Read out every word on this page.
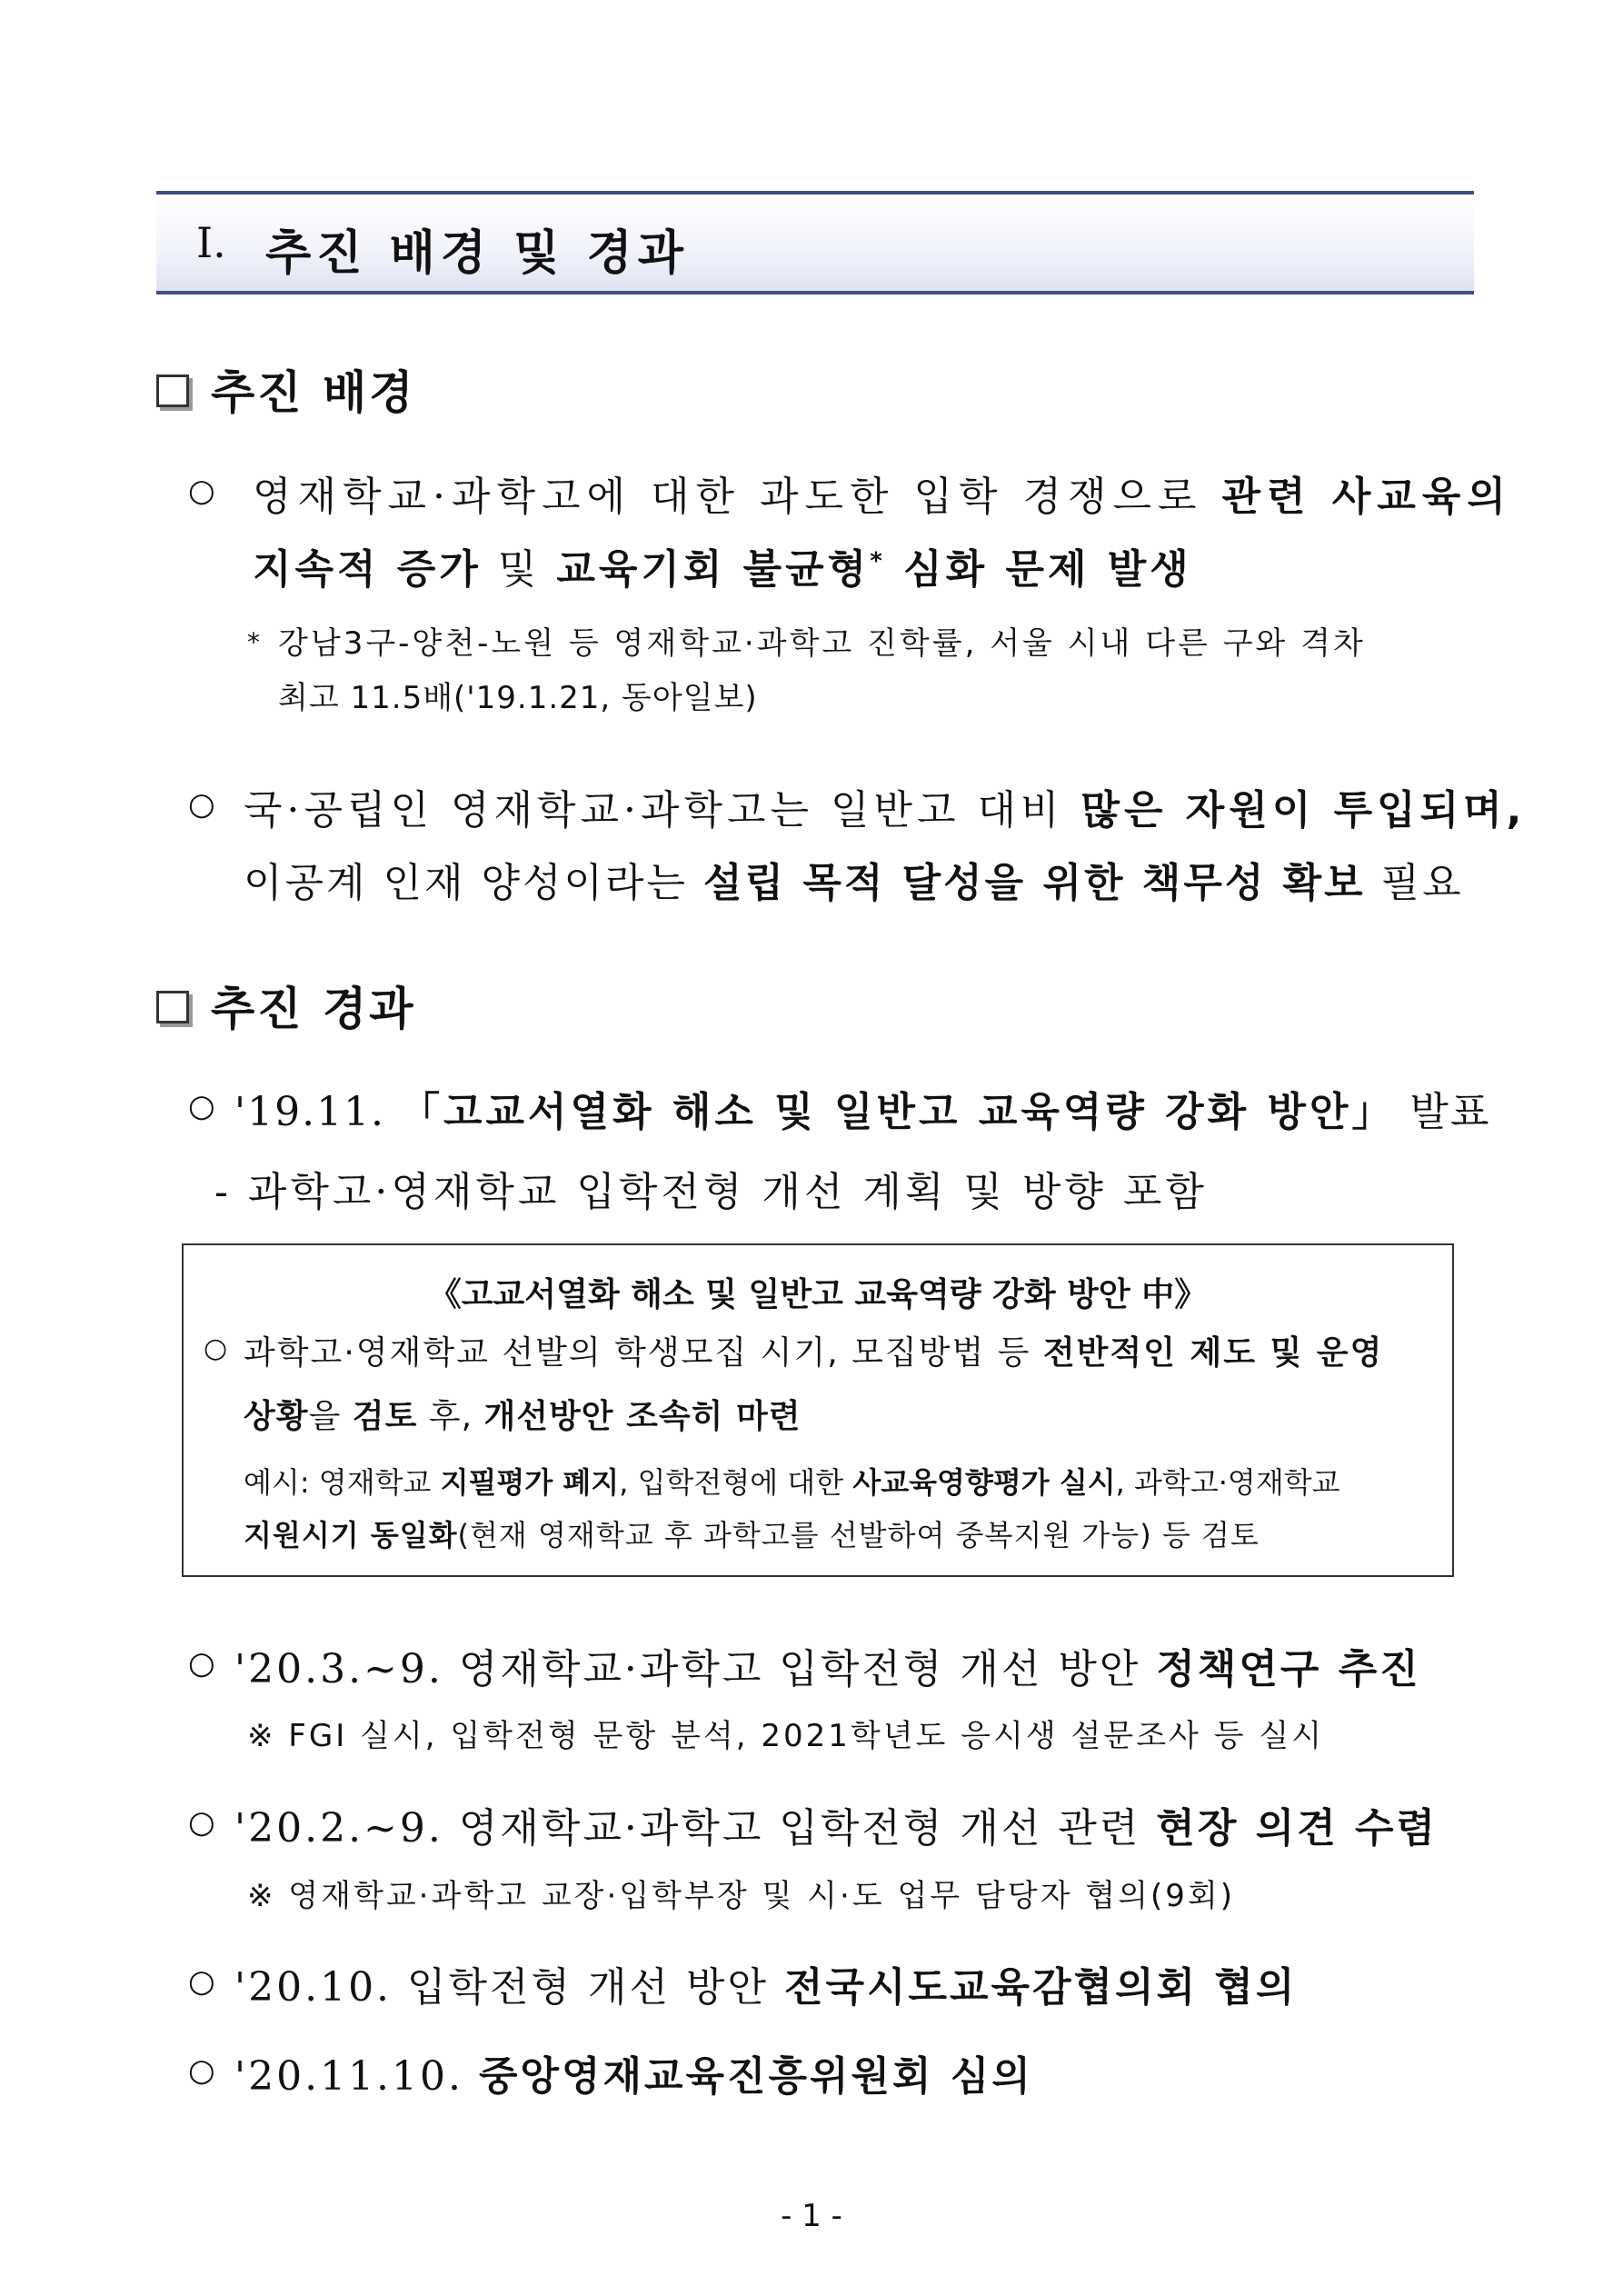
I. 추진 배경 및 경과
추진 배경
○ 영재학교·과학고에 대한 과도한 입학 경쟁으로 관련 사교육의
지속적 증가 및 교육기회 불균형* 심화 문제 발생
* 강남3구-양천-노원 등 영재학교·과학고 진학률, 서울 시내 다른 구와 격차
최고 11.5배('19.1.21, 동아일보)
○ 국·공립인 영재학교·과학고는 일반고 대비 많은 자원이 투입되며,
이공계 인재 양성이라는 설립 목적 달성을 위한 책무성 확보 필요
추진 경과
○ '19.11. 「고교서열화 해소 및 일반고 교육역량 강화 방안」 발표
- 과학고·영재학교 입학전형 개선 계획 및 방향 포함
《고교서열화 해소 및 일반고 교육역량 강화 방안 中》
○ 과학고·영재학교 선발의 학생모집 시기, 모집방법 등 전반적인 제도 및 운영
상황을 검토 후, 개선방안 조속히 마련
예시: 영재학교 지필평가 폐지, 입학전형에 대한 사교육영향평가 실시, 과학고·영재학교
지원시기 동일화(현재 영재학교 후 과학고를 선발하여 중복지원 가능) 등 검토
○ '20.3.~9. 영재학교·과학고 입학전형 개선 방안 정책연구 추진
※ FGI 실시, 입학전형 문항 분석, 2021학년도 응시생 설문조사 등 실시
○ '20.2.~9. 영재학교·과학고 입학전형 개선 관련 현장 의견 수렴
※ 영재학교·과학고 교장·입학부장 및 시·도 업무 담당자 협의(9회)
○ '20.10. 입학전형 개선 방안 전국시도교육감협의회 협의
○ '20.11.10. 중앙영재교육진흥위원회 심의
- 1 -
